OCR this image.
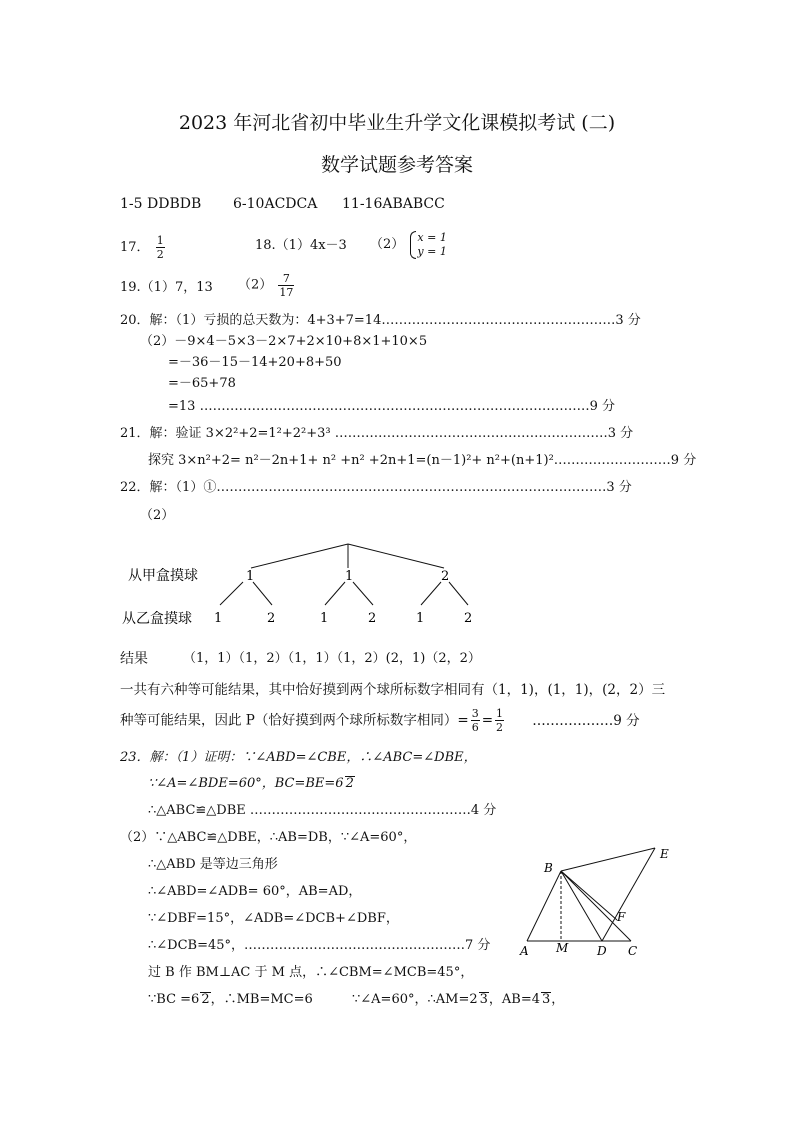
2023 年河北省初中毕业生升学文化课模拟考试 (二)
数学试题参考答案
1-5 DDBDB 6-10ACDCA 11-16ABABCC
17． $\frac{1}{2}$	18.（1）4x－3 （2） x = 1
y = 1
19.（1）7，13 $(2) \frac{7}{17}$
20．解：（1）亏损的总天数为：4+3+7=14………………………………………………3 分
（2）－9×4－5×3－2×7+2×10+8×1+10×5
=－36－15－14+20+8+50
=－65+78
=13 ………………………………………………………………………………9 分
21．解：验证 3×2²+2=1²+2²+3³ ………………………………………………………3 分
探究 3×n²+2= n²－2n+1+ n² +n² +2n+1=(n－1)²+ n²+(n+1)²………………………9 分
22．解：（1）①………………………………………………………………………………3 分
（2）
从甲盒摸球
从乙盒摸球
1	1	2
1	2	1	2	1	2
结果	（1，1）（1，2）（1，1）（1，2）(2，1)（2，2）
一共有六种等可能结果，其中恰好摸到两个球所标数字相同有（1，1)，(1，1)，(2，2）三
种等可能结果，因此 P（恰好摸到两个球所标数字相同）= $\frac{3}{6} = \frac{1}{2}$ ………………9 分
23．解：（1）证明：∵∠ABD=∠CBE，∴∠ABC=∠DBE，
∵∠A=∠BDE=60°，BC=BE=6 2
∴△ABC≌△DBE ……………………………………………4 分
（2）∵△ABC≌△DBE，∴AB=DB，∵∠A=60°，
∴△ABD 是等边三角形
∴∠ABD=∠ADB= 60°，AB=AD，
∵∠DBF=15°，∠ADB=∠DCB+∠DBF，
∴∠DCB=45°，……………………………………………7 分
过 B 作 BM⊥AC 于 M 点，∴∠CBM=∠MCB=45°，
∵BC =6 2，∴MB=MC=6	∵∠A=60°，∴AM=2 3，AB=4 3，
B
E
F
A M D C
